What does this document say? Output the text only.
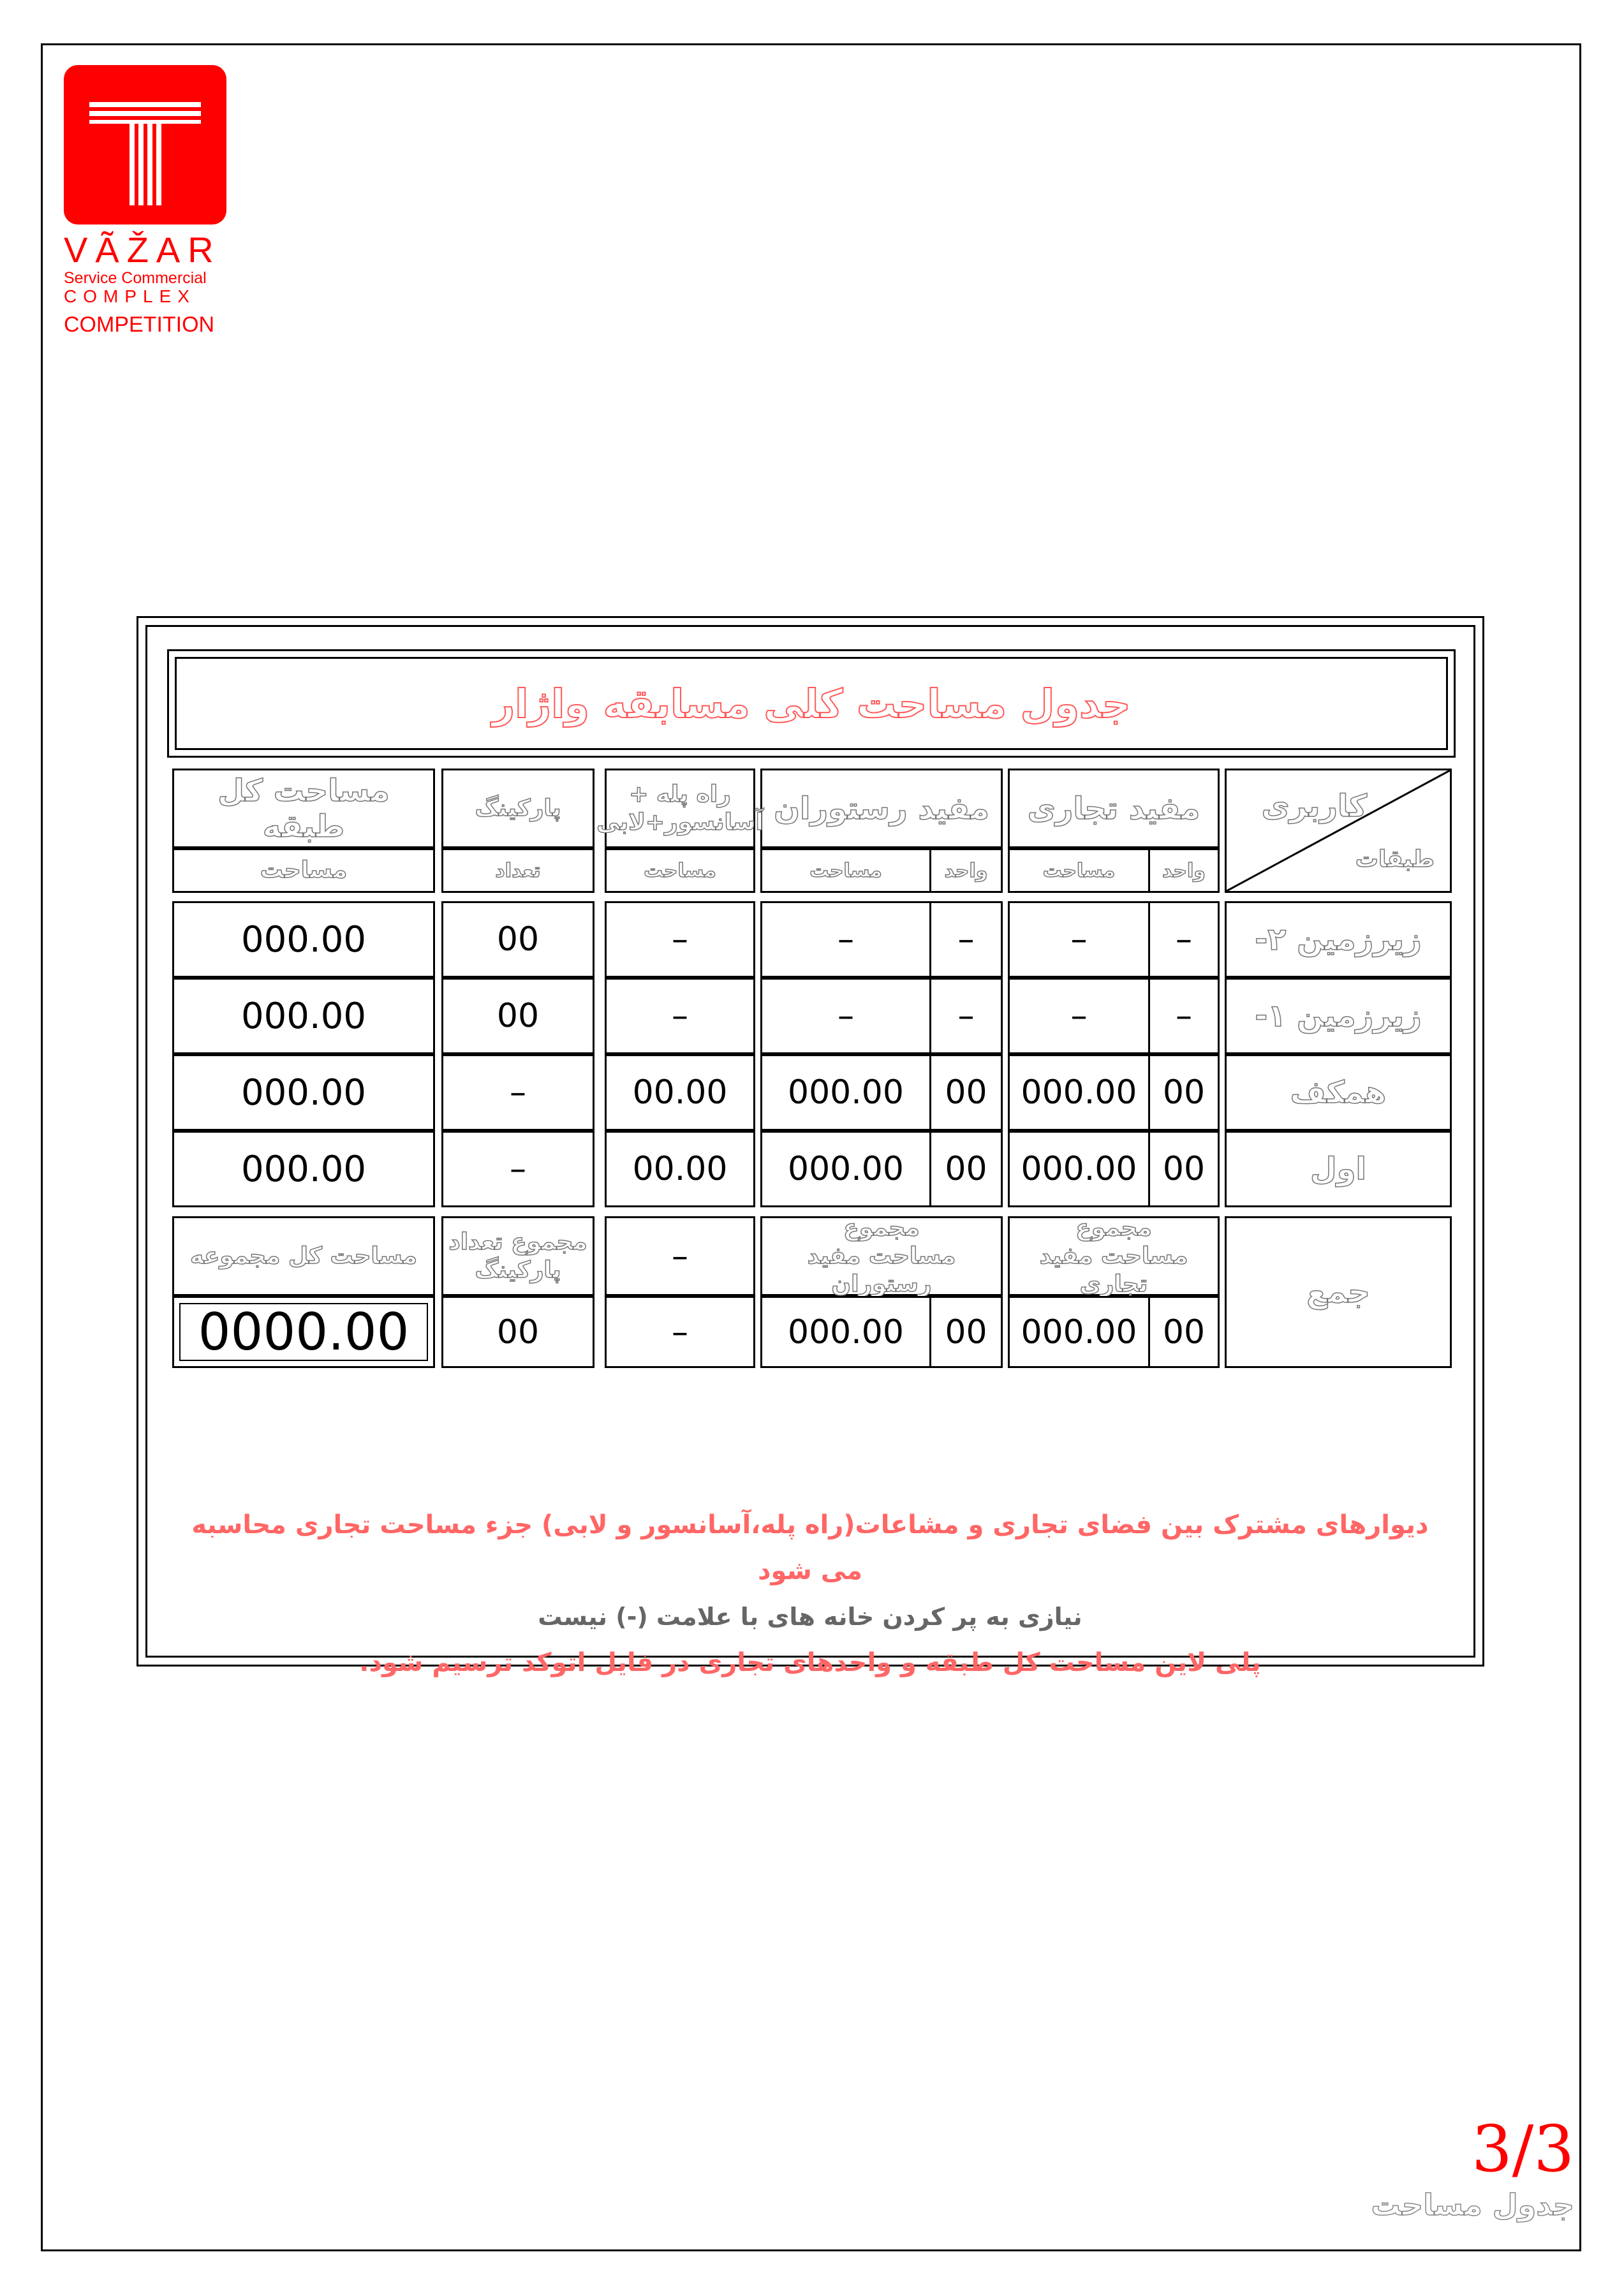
VÃŽAR
Service Commercial
COMPLEX
COMPETITION
جدول مساحت کلی مسابقه واژار
کاربری
طبقات
مفید تجاری
واحد
مساحت
مفید رستوران
واحد
مساحت
راه پله +
آسانسور+لابی
مساحت
پارکینگ
تعداد
مساحت کل طبقه
مساحت
زیرزمین ۲-
–
–
–
–
–
00
000.00
زیرزمین ۱-
–
–
–
–
–
00
000.00
همکف
00
000.00
00
000.00
00.00
–
000.00
اول
00
000.00
00
000.00
00.00
–
000.00
جمع
مجموع
مساحت مفید تجاری
00
000.00
مجموع
مساحت مفید رستوران
00
000.00
–
–
مجموع تعداد
پارکینگ
00
مساحت کل مجموعه
0000.00
دیوارهای مشترک بین فضای تجاری و مشاعات(راه پله،آسانسور و لابی) جزء مساحت تجاری محاسبه می شود
نیازی به پر کردن خانه های با علامت (-) نیست
پلی لاین مساحت کل طبقه و واحدهای تجاری در فایل اتوکد ترسیم شود.
3/3
جدول مساحت
